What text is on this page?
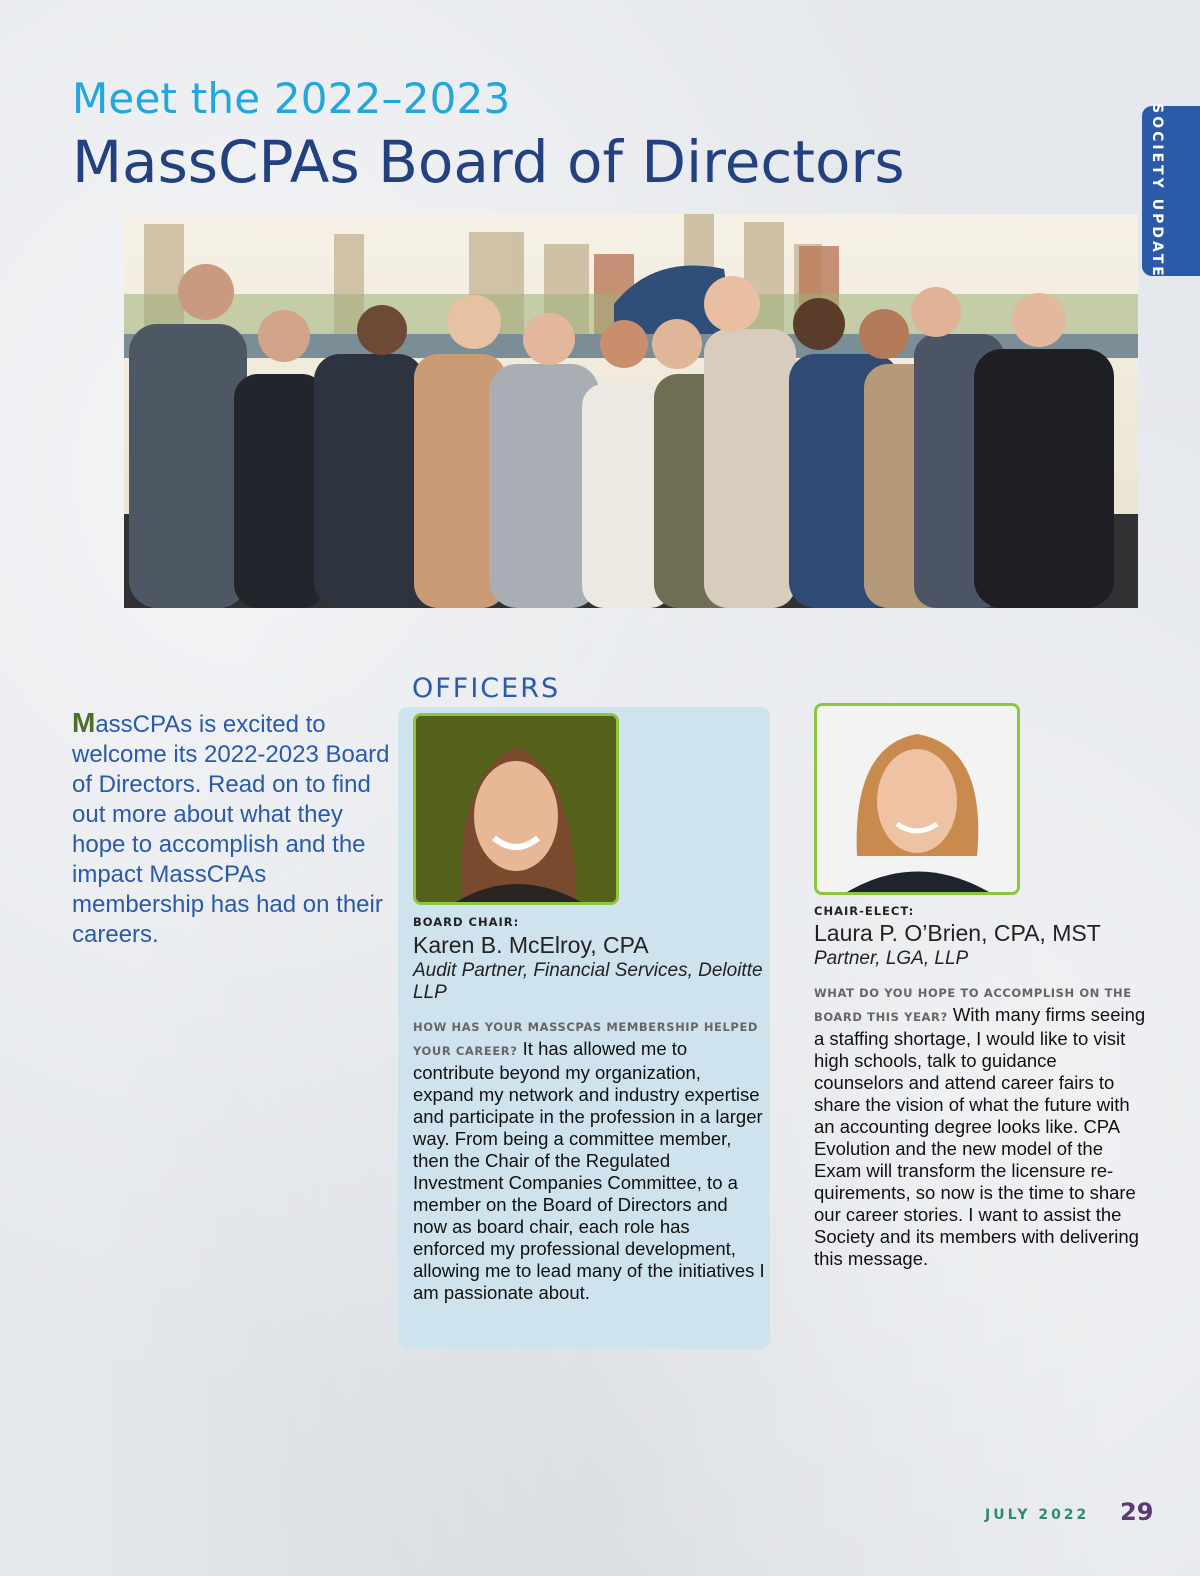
Meet the 2022–2023
MassCPAs Board of Directors	SOCIETY UPDATE
MassCPAs is excited to welcome its 2022-2023 Board of Directors. Read on to find out more about what they hope to accomplish and the impact MassCPAs membership has had on their careers.
OFFICERS
BOARD CHAIR:
Karen B. McElroy, CPA
Audit Partner, Financial Services, Deloitte LLP
HOW HAS YOUR MASSCPAS MEMBERSHIP HELPED YOUR CAREER? It has allowed me to contribute beyond my organization, expand my network and industry expertise and participate in the profession in a larger way. From being a committee member, then the Chair of the Regulated Investment Companies Committee, to a member on the Board of Directors and now as board chair, each role has enforced my professional development, allowing me to lead many of the initiatives I am passionate about.
CHAIR-ELECT:
Laura P. O’Brien, CPA, MST
Partner, LGA, LLP
WHAT DO YOU HOPE TO ACCOMPLISH ON THE BOARD THIS YEAR? With many firms seeing a staffing shortage, I would like to visit high schools, talk to guidance counselors and attend career fairs to share the vision of what the future with an accounting degree looks like. CPA Evolution and the new model of the Exam will transform the licensure re-quirements, so now is the time to share our career stories. I want to assist the Society and its members with delivering this message.
JULY 2022 29
